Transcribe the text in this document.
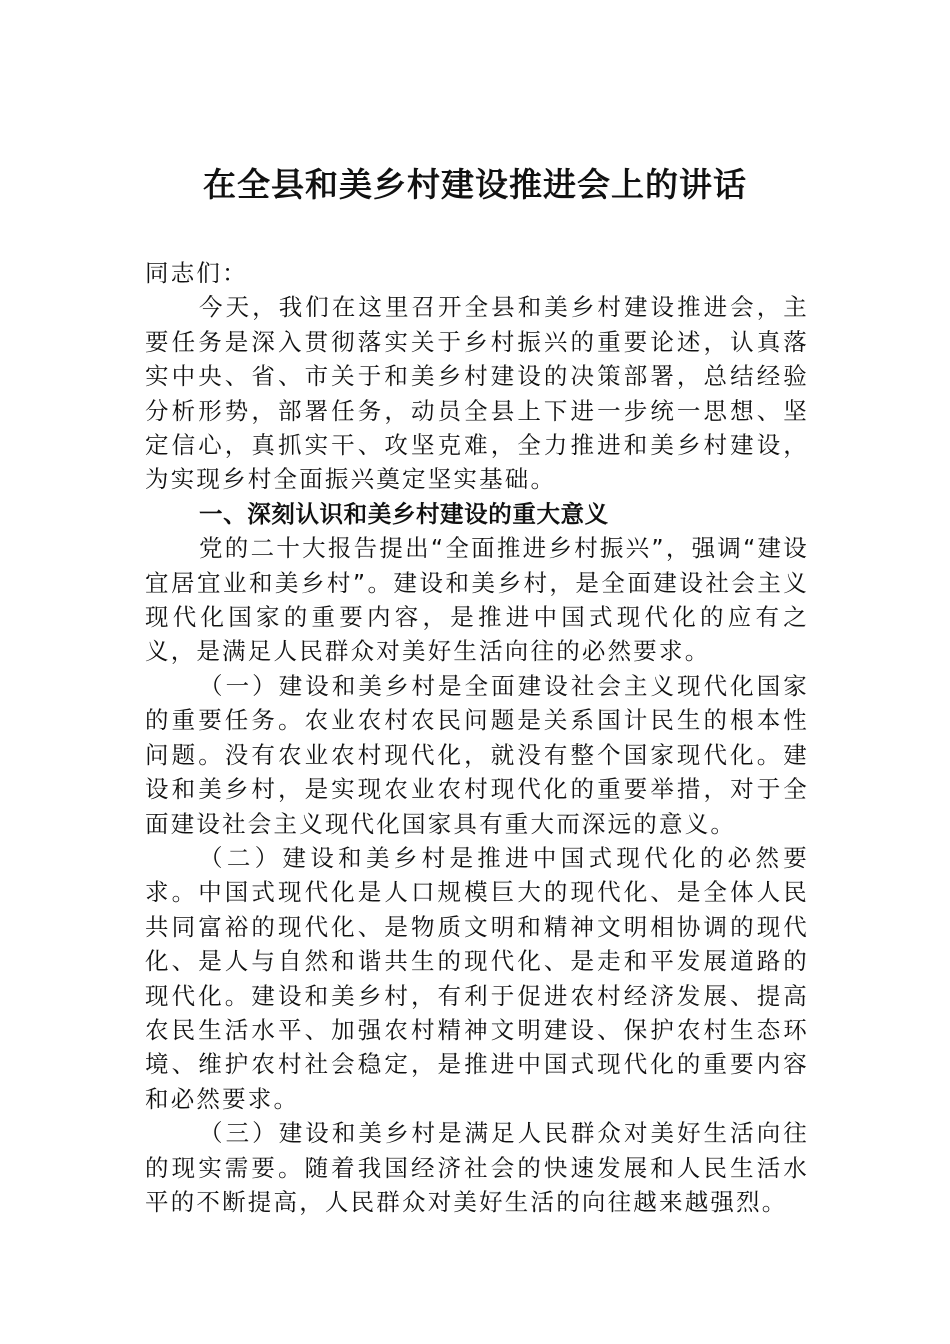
在全县和美乡村建设推进会上的讲话

同志们：

今天，我们在这里召开全县和美乡村建设推进会，主要任务是深入贯彻落实关于乡村振兴的重要论述，认真落实中央、省、市关于和美乡村建设的决策部署，总结经验分析形势，部署任务，动员全县上下进一步统一思想、坚定信心，真抓实干、攻坚克难，全力推进和美乡村建设，为实现乡村全面振兴奠定坚实基础。

一、深刻认识和美乡村建设的重大意义

党的二十大报告提出“全面推进乡村振兴”，强调“建设宜居宜业和美乡村”。建设和美乡村，是全面建设社会主义现代化国家的重要内容，是推进中国式现代化的应有之义，是满足人民群众对美好生活向往的必然要求。

（一）建设和美乡村是全面建设社会主义现代化国家的重要任务。农业农村农民问题是关系国计民生的根本性问题。没有农业农村现代化，就没有整个国家现代化。建设和美乡村，是实现农业农村现代化的重要举措，对于全面建设社会主义现代化国家具有重大而深远的意义。

（二）建设和美乡村是推进中国式现代化的必然要求。中国式现代化是人口规模巨大的现代化、是全体人民共同富裕的现代化、是物质文明和精神文明相协调的现代化、是人与自然和谐共生的现代化、是走和平发展道路的现代化。建设和美乡村，有利于促进农村经济发展、提高农民生活水平、加强农村精神文明建设、保护农村生态环境、维护农村社会稳定，是推进中国式现代化的重要内容和必然要求。

（三）建设和美乡村是满足人民群众对美好生活向往的现实需要。随着我国经济社会的快速发展和人民生活水平的不断提高，人民群众对美好生活的向往越来越强烈。
